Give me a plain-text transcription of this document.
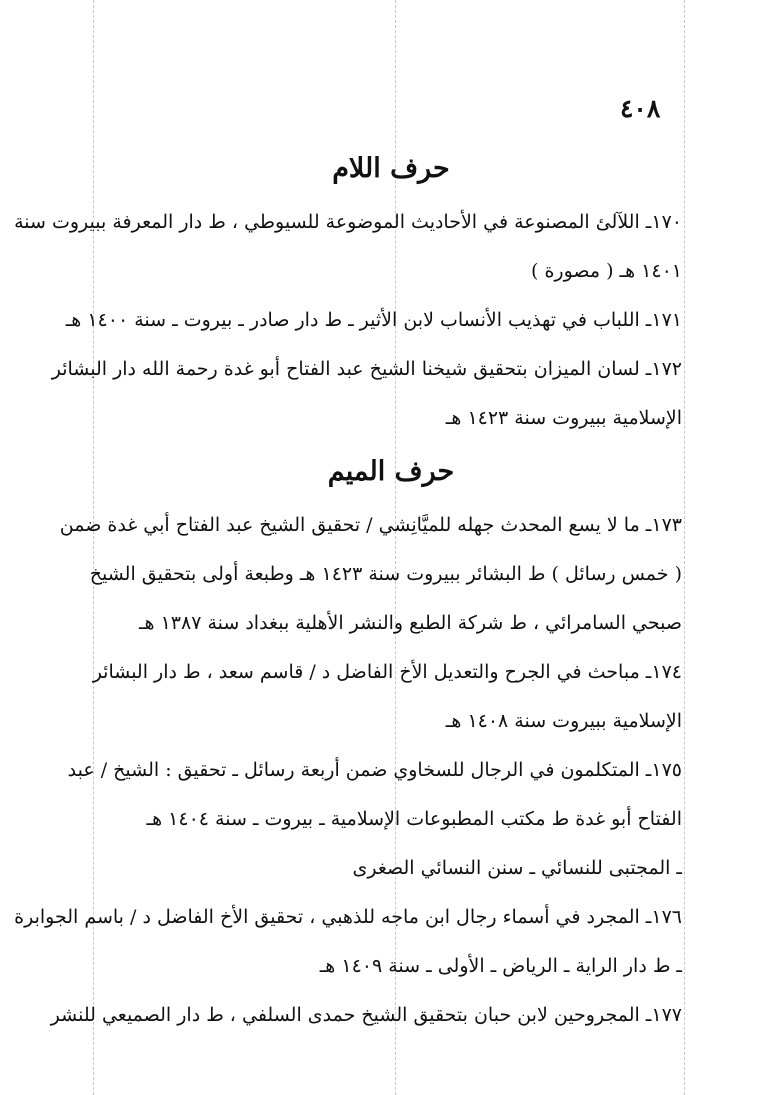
٤٠٨
حرف اللام
١٧٠ـ اللآلئ المصنوعة في الأحاديث الموضوعة للسيوطي ، ط دار المعرفة ببيروت سنة
١٤٠١ هـ ( مصورة )
١٧١ـ اللباب في تهذيب الأنساب لابن الأثير ـ ط دار صادر ـ بيروت ـ سنة ١٤٠٠ هـ
١٧٢ـ لسان الميزان بتحقيق شيخنا الشيخ عبد الفتاح أبو غدة رحمة الله دار البشائر
الإسلامية ببيروت سنة ١٤٢٣ هـ
حرف الميم
١٧٣ـ ما لا يسع المحدث جهله للميَّانِشي / تحقيق الشيخ عبد الفتاح أبي غدة ضمن
( خمس رسائل ) ط البشائر ببيروت سنة ١٤٢٣ هـ وطبعة أولى بتحقيق الشيخ
صبحي السامرائي ، ط شركة الطبع والنشر الأهلية ببغداد سنة ١٣٨٧ هـ
١٧٤ـ مباحث في الجرح والتعديل الأخ الفاضل د / قاسم سعد ، ط دار البشائر
الإسلامية ببيروت سنة ١٤٠٨ هـ
١٧٥ـ المتكلمون في الرجال للسخاوي ضمن أربعة رسائل ـ تحقيق : الشيخ / عبد
الفتاح أبو غدة ط مكتب المطبوعات الإسلامية ـ بيروت ـ سنة ١٤٠٤ هـ
ـ المجتبى للنسائي ـ سنن النسائي الصغرى
١٧٦ـ المجرد في أسماء رجال ابن ماجه للذهبي ، تحقيق الأخ الفاضل د / باسم الجوابرة
ـ ط دار الراية ـ الرياض ـ الأولى ـ سنة ١٤٠٩ هـ
١٧٧ـ المجروحين لابن حبان بتحقيق الشيخ حمدى السلفي ، ط دار الصميعي للنشر
